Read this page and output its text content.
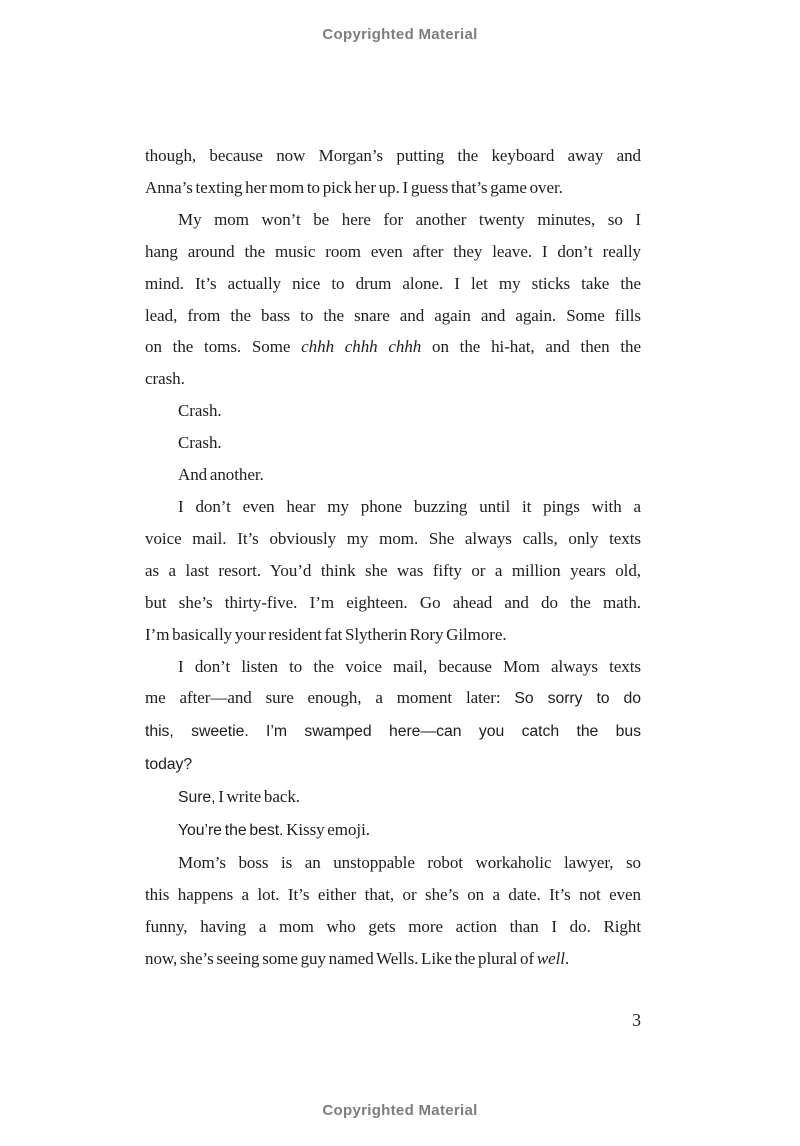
Copyrighted Material
though, because now Morgan’s putting the keyboard away and
Anna’s texting her mom to pick her up. I guess that’s game over.
My mom won’t be here for another twenty minutes, so I
hang around the music room even after they leave. I don’t really
mind. It’s actually nice to drum alone. I let my sticks take the
lead, from the bass to the snare and again and again. Some fills
on the toms. Some chhh chhh chhh on the hi-hat, and then the
crash.
Crash.
Crash.
And another.
I don’t even hear my phone buzzing until it pings with a
voice mail. It’s obviously my mom. She always calls, only texts
as a last resort. You’d think she was fifty or a million years old,
but she’s thirty-five. I’m eighteen. Go ahead and do the math.
I’m basically your resident fat Slytherin Rory Gilmore.
I don’t listen to the voice mail, because Mom always texts
me after—and sure enough, a moment later: So sorry to do
this, sweetie. I’m swamped here—can you catch the bus
today?
Sure, I write back.
You’re the best. Kissy emoji.
Mom’s boss is an unstoppable robot workaholic lawyer, so
this happens a lot. It’s either that, or she’s on a date. It’s not even
funny, having a mom who gets more action than I do. Right
now, she’s seeing some guy named Wells. Like the plural of well.
3
Copyrighted Material
